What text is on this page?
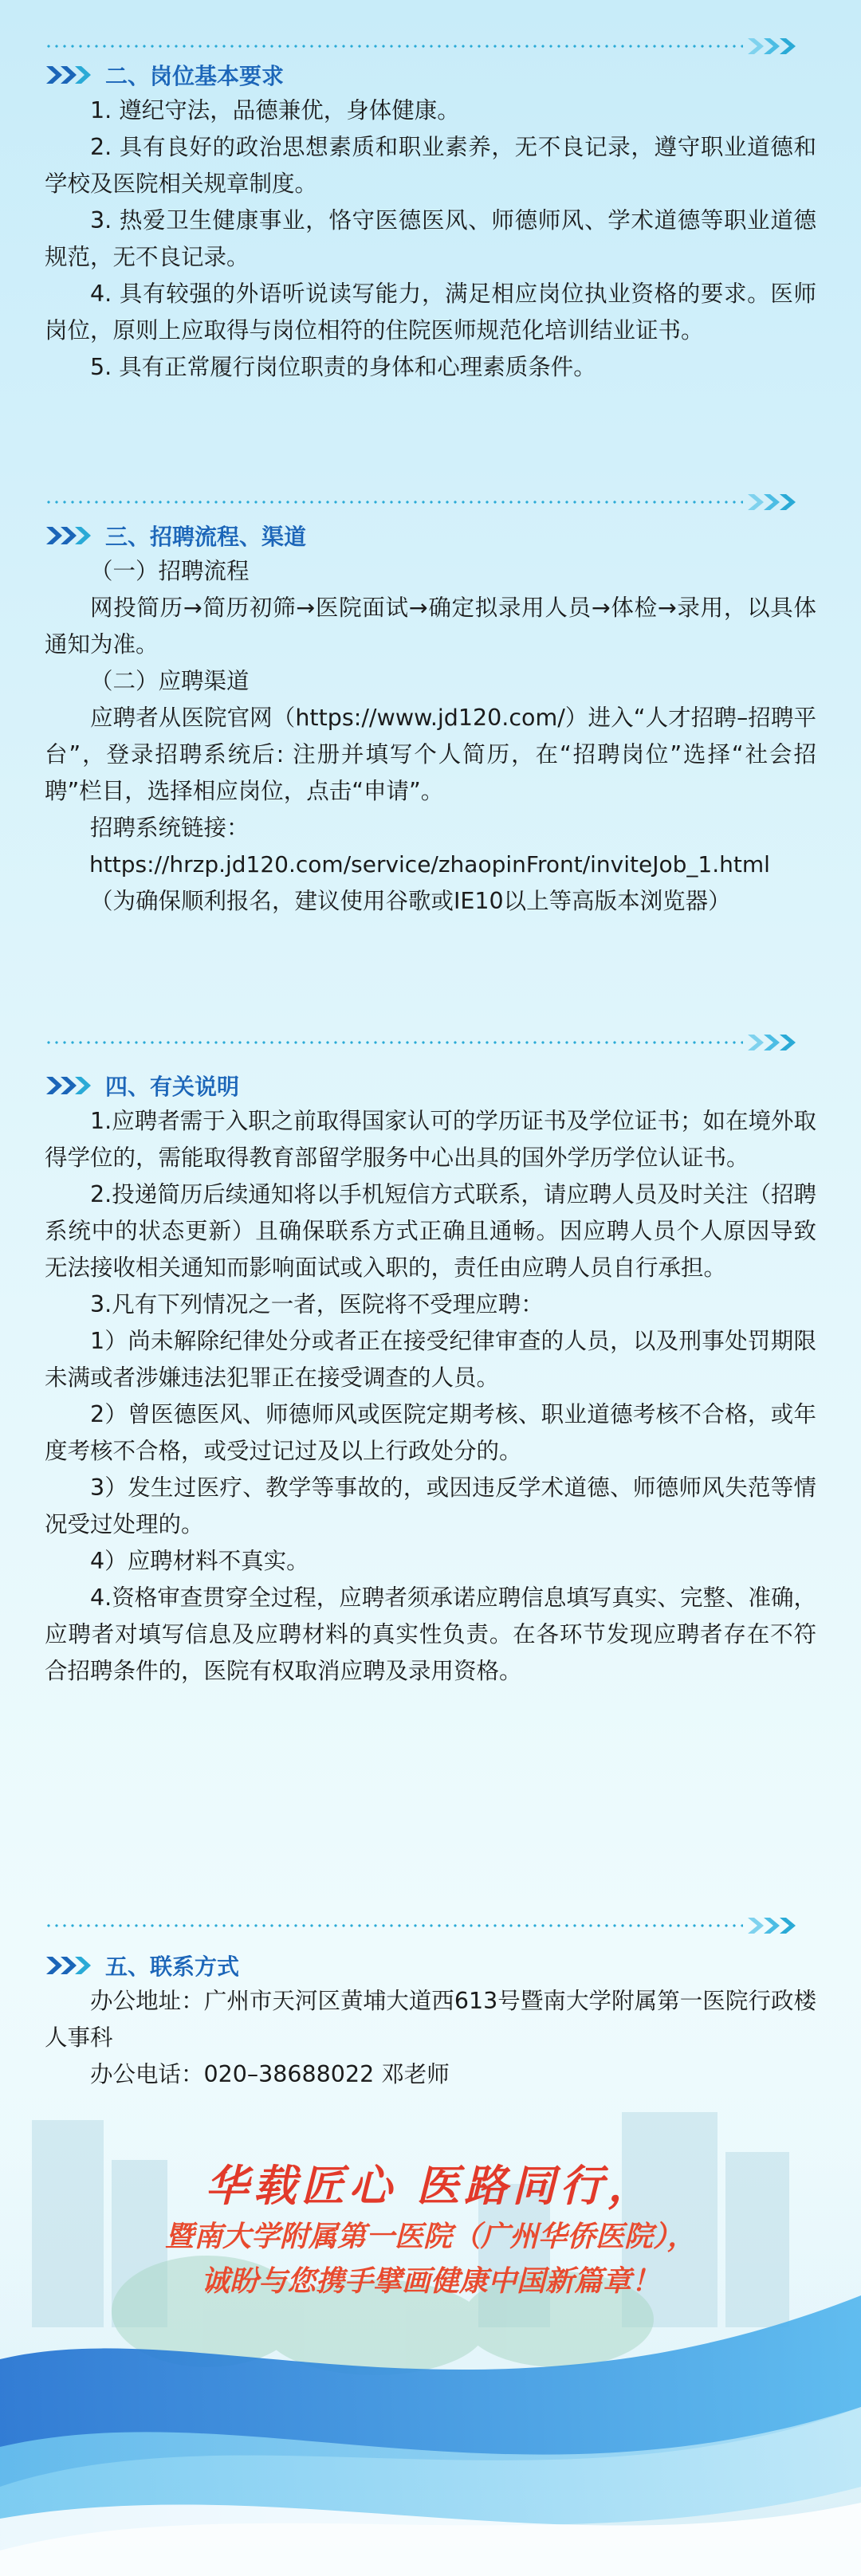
二、岗位基本要求

1. 遵纪守法，品德兼优，身体健康。

2. 具有良好的政治思想素质和职业素养，无不良记录，遵守职业道德和学校及医院相关规章制度。

3. 热爱卫生健康事业，恪守医德医风、师德师风、学术道德等职业道德规范，无不良记录。

4. 具有较强的外语听说读写能力，满足相应岗位执业资格的要求。医师岗位，原则上应取得与岗位相符的住院医师规范化培训结业证书。

5. 具有正常履行岗位职责的身体和心理素质条件。

三、招聘流程、渠道

（一）招聘流程

网投简历→简历初筛→医院面试→确定拟录用人员→体检→录用，以具体通知为准。

（二）应聘渠道

应聘者从医院官网（https://www.jd120.com/）进入“人才招聘–招聘平台”，登录招聘系统后: 注册并填写个人简历，在“招聘岗位”选择“社会招聘”栏目，选择相应岗位，点击“申请”。

招聘系统链接：

https://hrzp.jd120.com/service/zhaopinFront/inviteJob_1.html

（为确保顺利报名，建议使用谷歌或IE10以上等高版本浏览器）

四、有关说明

1.应聘者需于入职之前取得国家认可的学历证书及学位证书；如在境外取得学位的，需能取得教育部留学服务中心出具的国外学历学位认证书。

2.投递简历后续通知将以手机短信方式联系，请应聘人员及时关注（招聘系统中的状态更新）且确保联系方式正确且通畅。因应聘人员个人原因导致无法接收相关通知而影响面试或入职的，责任由应聘人员自行承担。

3.凡有下列情况之一者，医院将不受理应聘：

1）尚未解除纪律处分或者正在接受纪律审查的人员，以及刑事处罚期限未满或者涉嫌违法犯罪正在接受调查的人员。

2）曾医德医风、师德师风或医院定期考核、职业道德考核不合格，或年度考核不合格，或受过记过及以上行政处分的。

3）发生过医疗、教学等事故的，或因违反学术道德、师德师风失范等情况受过处理的。

4）应聘材料不真实。

4.资格审查贯穿全过程，应聘者须承诺应聘信息填写真实、完整、准确，应聘者对填写信息及应聘材料的真实性负责。在各环节发现应聘者存在不符合招聘条件的，医院有权取消应聘及录用资格。

五、联系方式

办公地址：广州市天河区黄埔大道西613号暨南大学附属第一医院行政楼人事科

办公电话：020–38688022 邓老师

华载匠心 医路同行，
暨南大学附属第一医院（广州华侨医院），
诚盼与您携手擘画健康中国新篇章！
